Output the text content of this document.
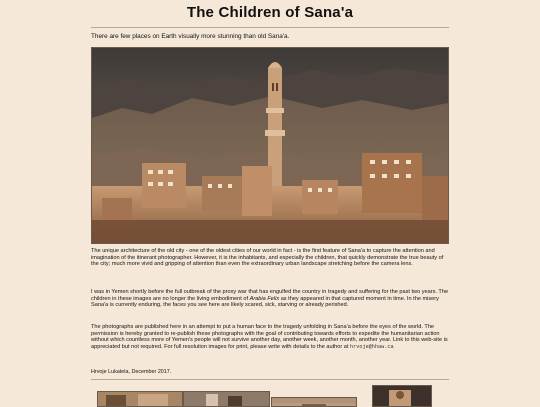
The Children of Sana'a
There are few places on Earth visually more stunning than old Sana'a.

The unique architecture of the old city - one of the oldest cities of our world in fact - is the first feature of Sana'a to capture the attention and imagination of the itinerant photographer. However, it is the inhabitants, and especially the children, that quickly demonstrate the true beauty of the city; much more vivid and gripping of attention than even the extraordinary urban landscape stretching before the camera lens.

I was in Yemen shortly before the full outbreak of the proxy war that has engulfed the country in tragedy and suffering for the past two years. The children in these images are no longer the living embodiment of Arabia Felix as they appeared in that captured moment in time. In the misery Sana'a is currently enduring, the faces you see here are likely scared, sick, starving or already perished.

The photographs are published here in an attempt to put a human face to the tragedy unfolding in Sana'a before the eyes of the world. The permission is hereby granted to re-publish these photographs with the goal of contributing towards efforts to expedite the humanitarian action without which countless more of Yemen's people will not survive another day, another week, another month, another year. Link to this web-site is appreciated but not required. For full resolution images for print, please write with details to the author at hrvoje@hhaw.ca

Hrvoje Lukatela, December 2017.
